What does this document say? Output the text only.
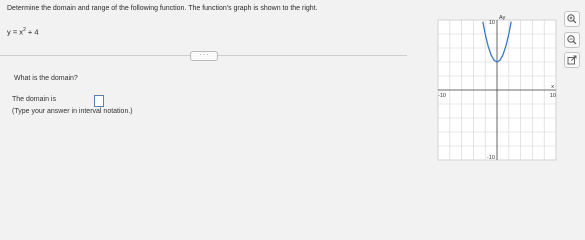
Determine the domain and range of the following function. The function's graph is shown to the right.
$y = x^2 + 4$
· · ·
What is the domain?
The domain is
(Type your answer in interval notation.)
10
-10
-10	10
Ay
x
